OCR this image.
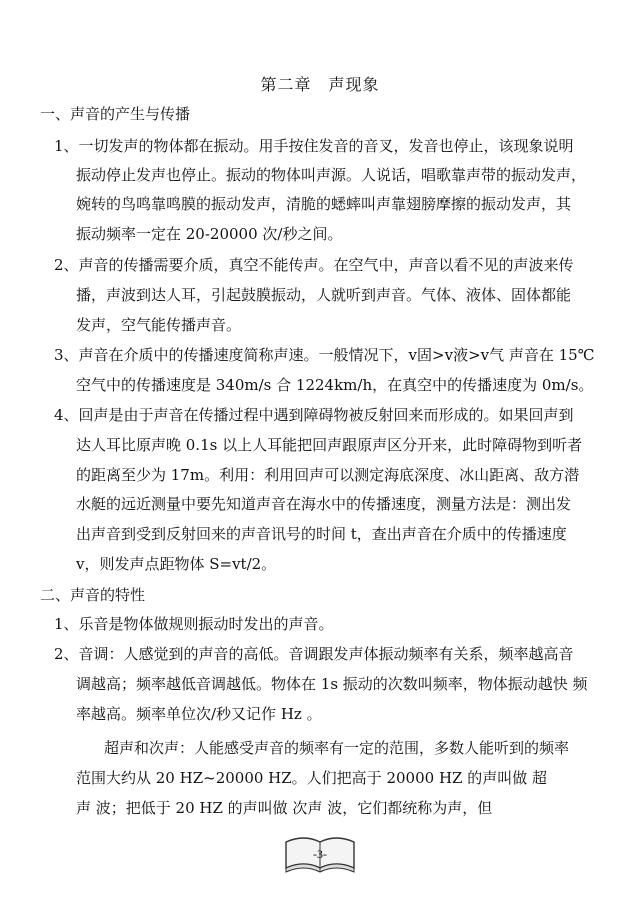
第二章　声现象
一、声音的产生与传播
1、一切发声的物体都在振动。用手按住发音的音叉，发音也停止，该现象说明
振动停止发声也停止。振动的物体叫声源。人说话，唱歌靠声带的振动发声，
婉转的鸟鸣靠鸣膜的振动发声，清脆的蟋蟀叫声靠翅膀摩擦的振动发声，其
振动频率一定在 20-20000 次/秒之间。
2、声音的传播需要介质，真空不能传声。在空气中，声音以看不见的声波来传
播，声波到达人耳，引起鼓膜振动，人就听到声音。气体、液体、固体都能
发声，空气能传播声音。
3、声音在介质中的传播速度简称声速。一般情况下，v固>v液>v气 声音在 15℃
空气中的传播速度是 340m/s 合 1224km/h，在真空中的传播速度为 0m/s。
4、回声是由于声音在传播过程中遇到障碍物被反射回来而形成的。如果回声到
达人耳比原声晚 0.1s 以上人耳能把回声跟原声区分开来，此时障碍物到听者
的距离至少为 17m。利用：利用回声可以测定海底深度、冰山距离、敌方潜
水艇的远近测量中要先知道声音在海水中的传播速度，测量方法是：测出发
出声音到受到反射回来的声音讯号的时间 t，查出声音在介质中的传播速度
v，则发声点距物体 S=vt/2。
二、声音的特性
1、乐音是物体做规则振动时发出的声音。
2、音调：人感觉到的声音的高低。音调跟发声体振动频率有关系，频率越高音
调越高；频率越低音调越低。物体在 1s 振动的次数叫频率，物体振动越快 频
率越高。频率单位次/秒又记作 Hz 。
超声和次声：人能感受声音的频率有一定的范围，多数人能听到的频率
范围大约从 20 HZ~20000 HZ。人们把高于 20000 HZ 的声叫做 超
声 波；把低于 20 HZ 的声叫做 次声 波，它们都统称为声，但
-3-
